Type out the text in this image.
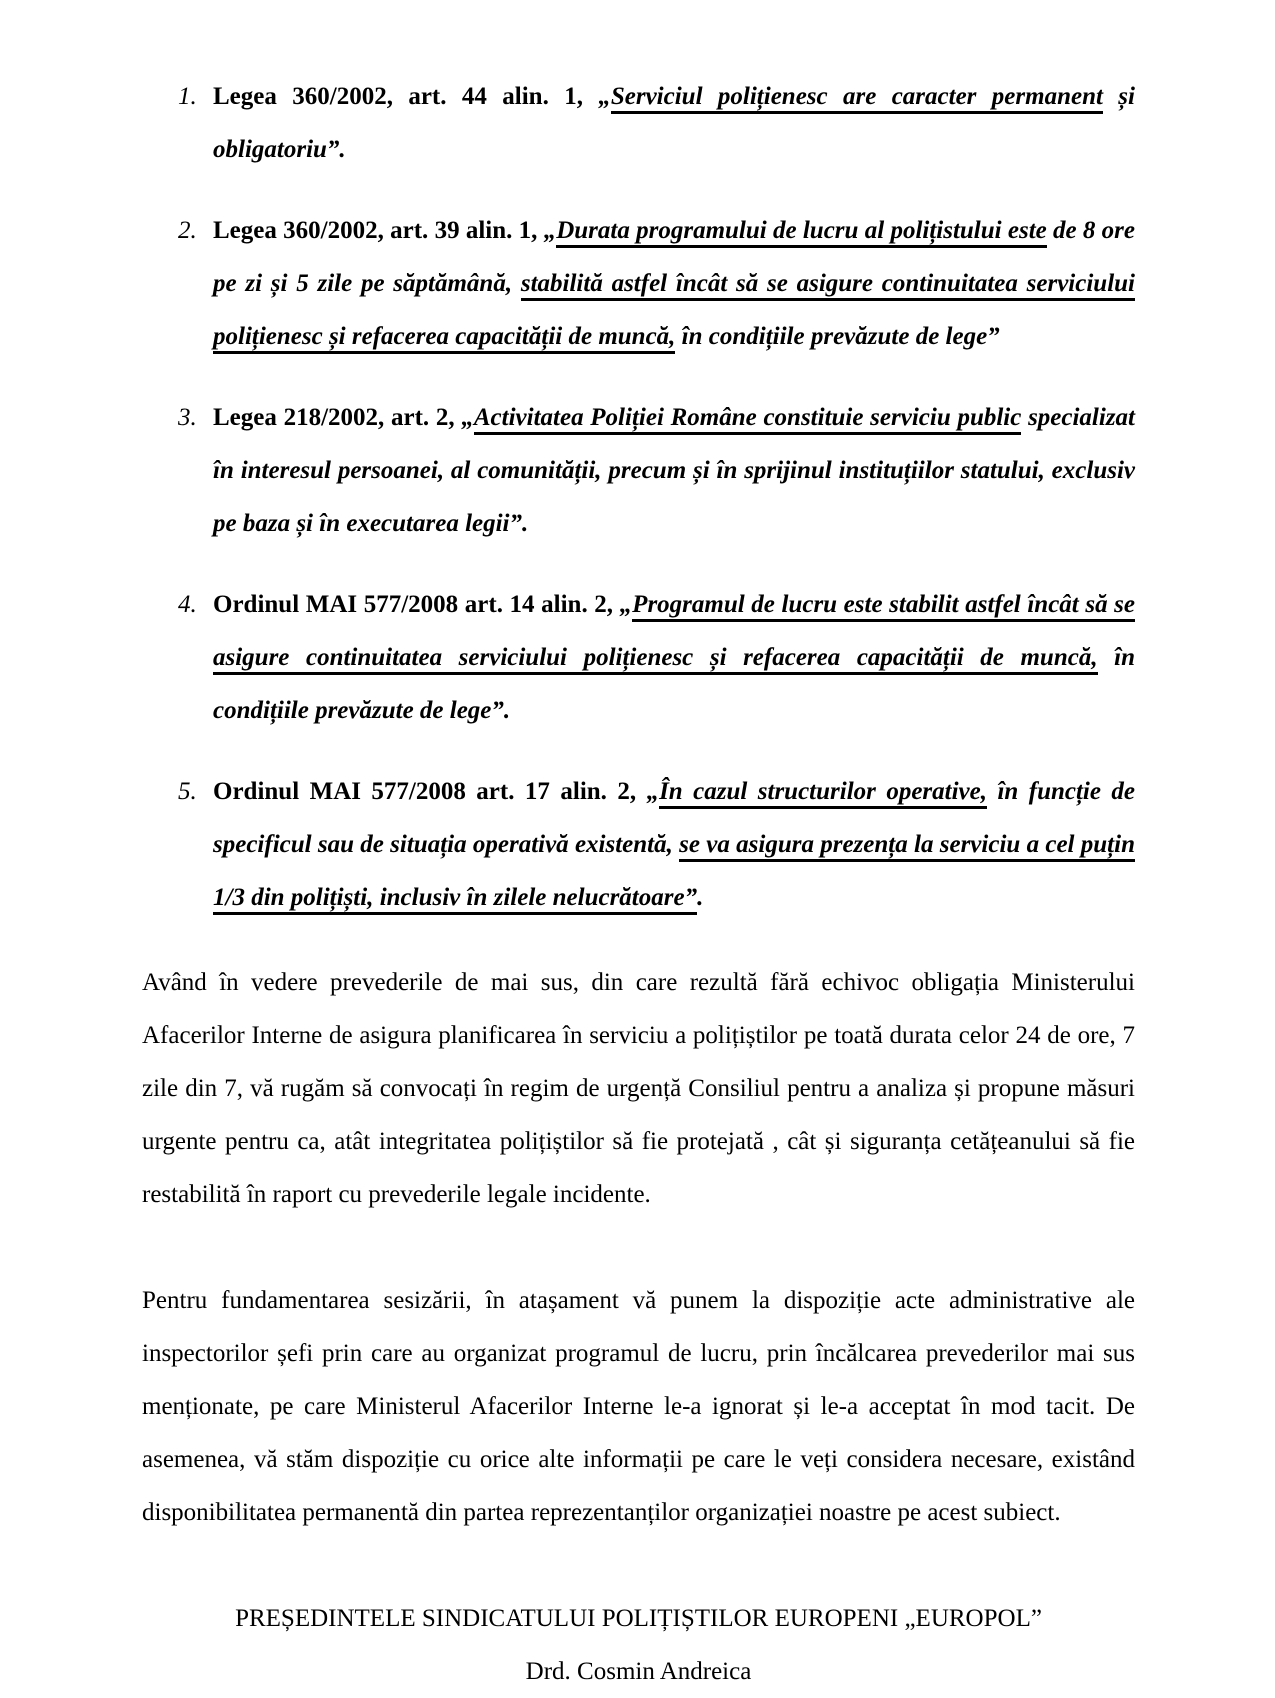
1. Legea 360/2002, art. 44 alin. 1, „Serviciul polițienesc are caracter permanent și obligatoriu”.
2. Legea 360/2002, art. 39 alin. 1, „Durata programului de lucru al polițistului este de 8 ore pe zi și 5 zile pe săptămână, stabilită astfel încât să se asigure continuitatea serviciului polițienesc și refacerea capacității de muncă, în condițiile prevăzute de lege”
3. Legea 218/2002, art. 2, „Activitatea Poliției Române constituie serviciu public specializat în interesul persoanei, al comunității, precum și în sprijinul instituțiilor statului, exclusiv pe baza și în executarea legii”.
4. Ordinul MAI 577/2008 art. 14 alin. 2, „Programul de lucru este stabilit astfel încât să se asigure continuitatea serviciului polițienesc și refacerea capacității de muncă, în condițiile prevăzute de lege”.
5. Ordinul MAI 577/2008 art. 17 alin. 2, „În cazul structurilor operative, în funcție de specificul sau de situația operativă existentă, se va asigura prezența la serviciu a cel puțin 1/3 din polițiști, inclusiv în zilele nelucrătoare”.

Având în vedere prevederile de mai sus, din care rezultă fără echivoc obligația Ministerului Afacerilor Interne de asigura planificarea în serviciu a polițiștilor pe toată durata celor 24 de ore, 7 zile din 7, vă rugăm să convocați în regim de urgență Consiliul pentru a analiza și propune măsuri urgente pentru ca, atât integritatea polițiștilor să fie protejată , cât și siguranța cetățeanului să fie restabilită în raport cu prevederile legale incidente.

Pentru fundamentarea sesizării, în atașament vă punem la dispoziție acte administrative ale inspectorilor șefi prin care au organizat programul de lucru, prin încălcarea prevederilor mai sus menționate, pe care Ministerul Afacerilor Interne le-a ignorat și le-a acceptat în mod tacit. De asemenea, vă stăm dispoziție cu orice alte informații pe care le veți considera necesare, existând disponibilitatea permanentă din partea reprezentanților organizației noastre pe acest subiect.

PREȘEDINTELE SINDICATULUI POLIȚIȘTILOR EUROPENI „EUROPOL”
Drd. Cosmin Andreica
